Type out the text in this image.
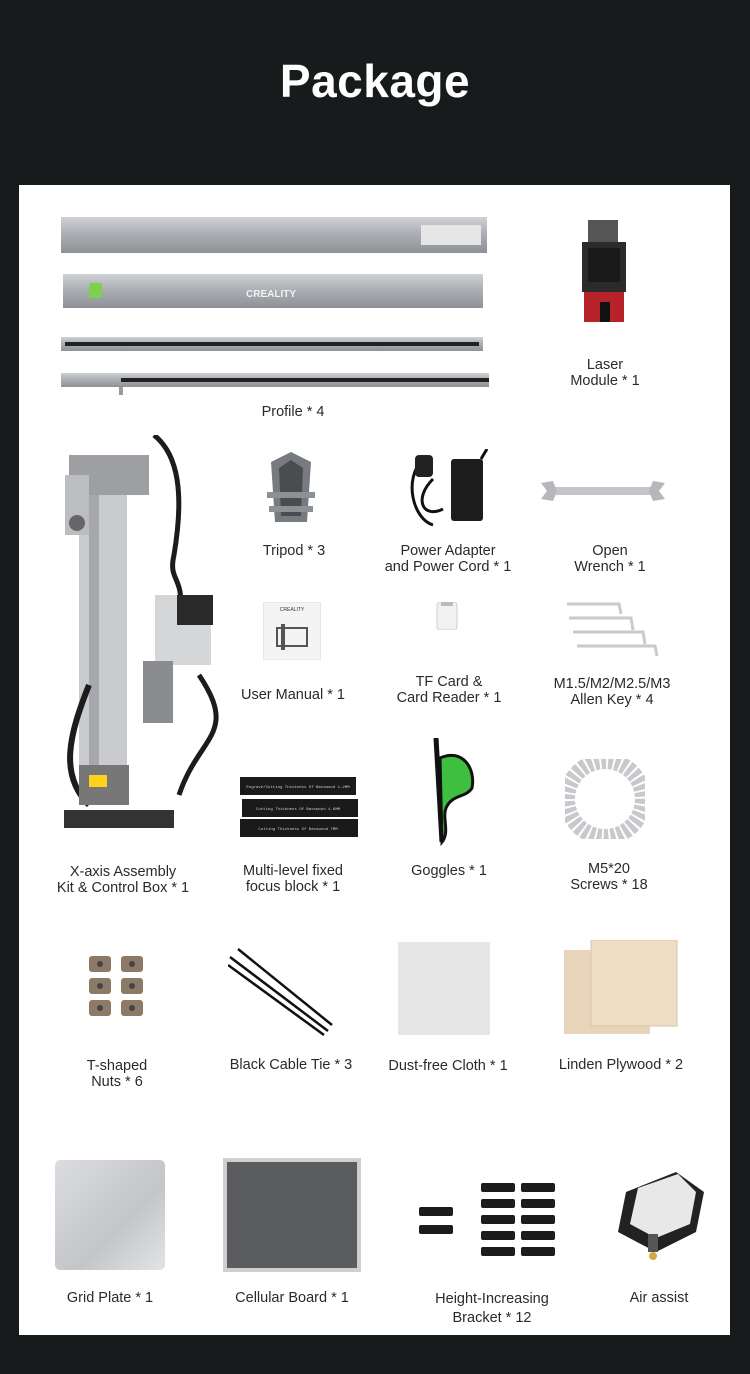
Package
CREALITY
Profile * 4
Laser
Module * 1
X-axis Assembly
Kit & Control Box * 1
Tripod * 3	Power Adapter
and Power Cord * 1
Open
Wrench * 1
CREALITY
User Manual * 1
TF Card &
Card Reader * 1
M1.5/M2/M2.5/M3
Allen Key * 4
Engrave/Cutting Thickness Of Basswood 1-2MM
Cutting Thickness Of Basswood 4-6MM
Cutting Thickness Of Basswood 7MM
Multi-level fixed
focus block * 1
Goggles * 1	M5*20
Screws * 18
T-shaped
Nuts * 6
Black Cable Tie * 3	Dust-free Cloth * 1	Linden Plywood * 2
Grid Plate * 1	Cellular Board * 1	Height-Increasing
Bracket * 12
Air assist
